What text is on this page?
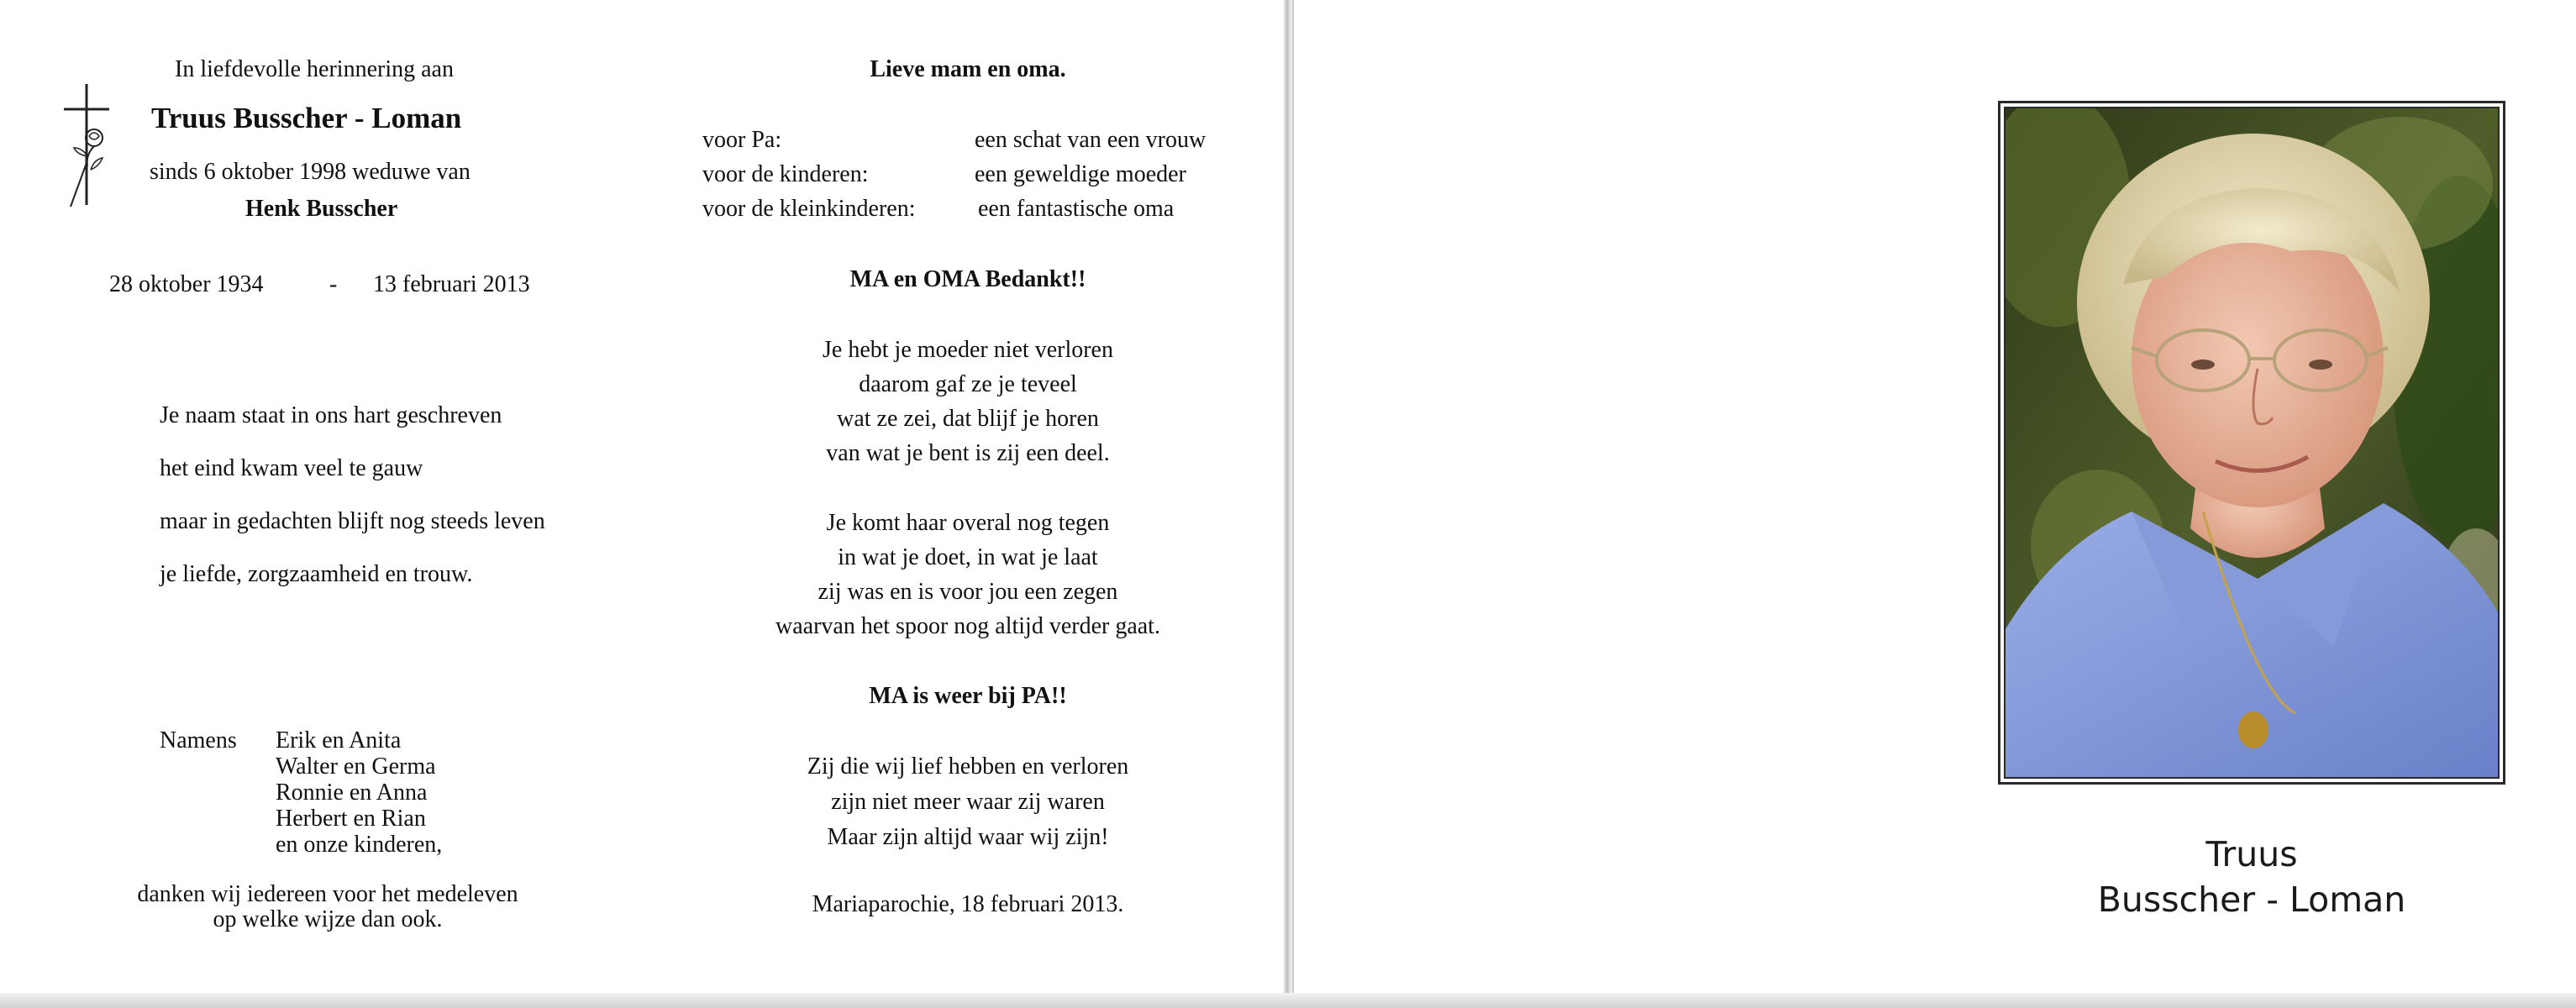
In liefdevolle herinnering aan
Truus Busscher - Loman
sinds 6 oktober 1998 weduwe van
Henk Busscher
28 oktober 1934	- 13 februari 2013
Je naam staat in ons hart geschreven
het eind kwam veel te gauw
maar in gedachten blijft nog steeds leven
je liefde, zorgzaamheid en trouw.
Namens Erik en Anita
Walter en Germa
Ronnie en Anna
Herbert en Rian
en onze kinderen,
danken wij iedereen voor het medeleven
op welke wijze dan ook.
Lieve mam en oma.
voor Pa:	een schat van een vrouw
voor de kinderen:	een geweldige moeder
voor de kleinkinderen:	een fantastische oma
MA en OMA Bedankt!!
Je hebt je moeder niet verloren
daarom gaf ze je teveel
wat ze zei, dat blijf je horen
van wat je bent is zij een deel.
Je komt haar overal nog tegen
in wat je doet, in wat je laat
zij was en is voor jou een zegen
waarvan het spoor nog altijd verder gaat.
MA is weer bij PA!!
Zij die wij lief hebben en verloren
zijn niet meer waar zij waren
Maar zijn altijd waar wij zijn!
Mariaparochie, 18 februari 2013.
Truus
Busscher - Loman
